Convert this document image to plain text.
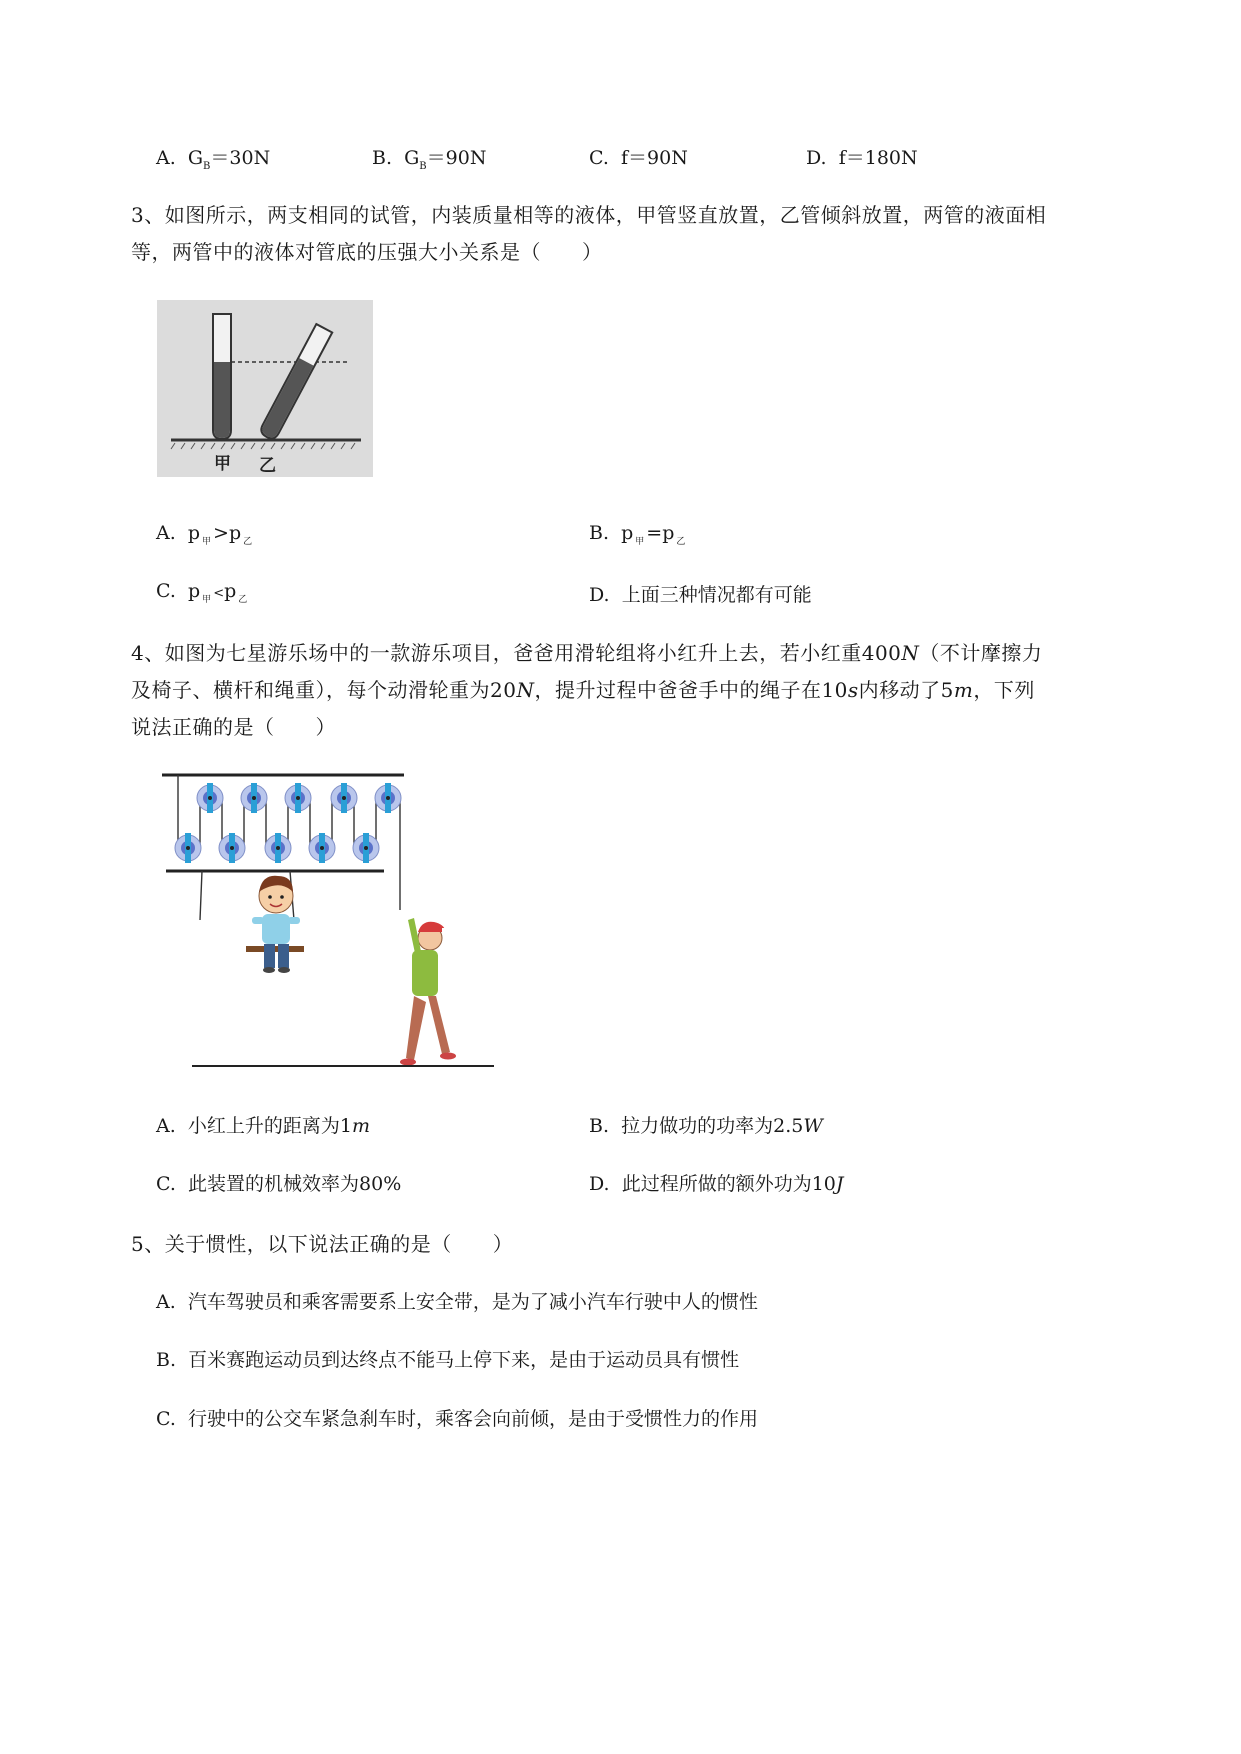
A. $G_B=30N$	B. $G_B=90N$	C. f＝90N	D. f＝180N
3、如图所示，两支相同的试管，内装质量相等的液体，甲管竖直放置，乙管倾斜放置，两管的液面相
等，两管中的液体对管底的压强大小关系是（　　）
甲 乙
A. p $_甲$ >p $_乙$	B. p $_甲$ =p $_乙$
C. p $_甲$ <p $_乙$	D. 上面三种情况都有可能
4、如图为七星游乐场中的一款游乐项目，爸爸用滑轮组将小红升上去，若小红重400N（不计摩擦力
及椅子、横杆和绳重），每个动滑轮重为20N，提升过程中爸爸手中的绳子在10s内移动了5m，下列
说法正确的是（　　）
A. 小红上升的距离为1m	B. 拉力做功的功率为2.5W
C. 此装置的机械效率为80%	D. 此过程所做的额外功为10J
5、关于惯性，以下说法正确的是（　　）
A. 汽车驾驶员和乘客需要系上安全带，是为了减小汽车行驶中人的惯性
B. 百米赛跑运动员到达终点不能马上停下来，是由于运动员具有惯性
C. 行驶中的公交车紧急刹车时，乘客会向前倾，是由于受惯性力的作用
